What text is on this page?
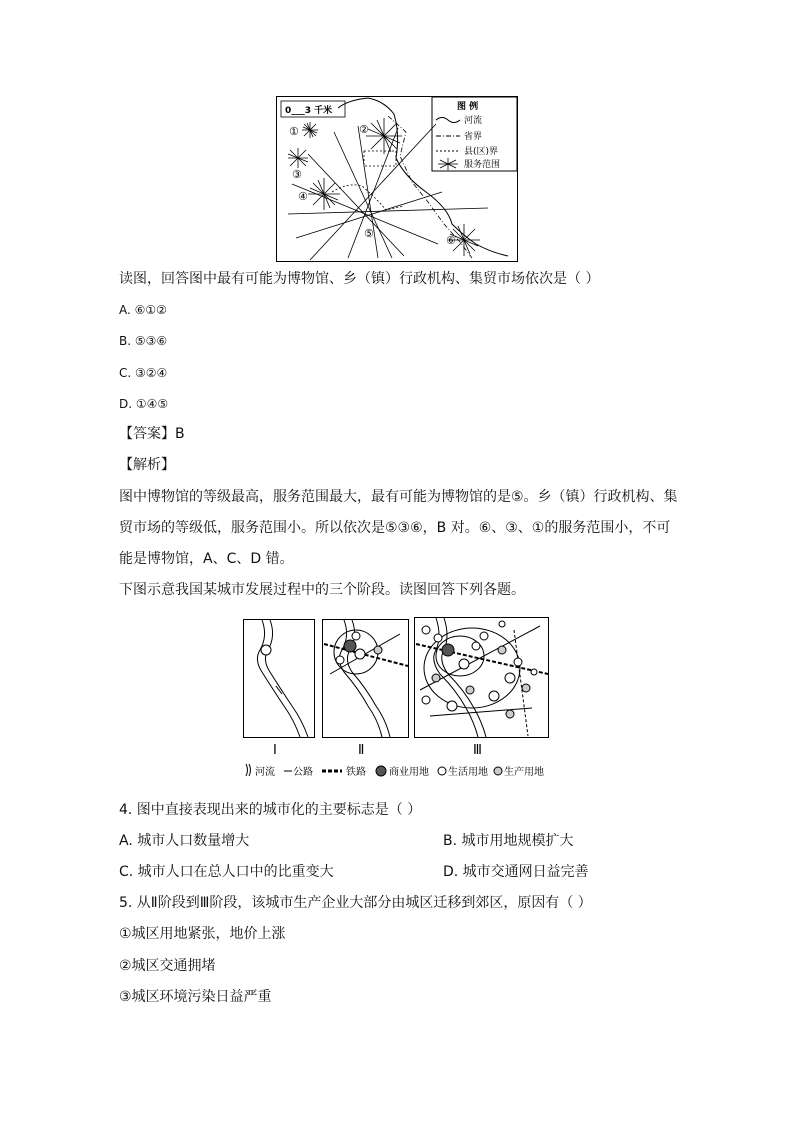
0___3 千米	图 例
河流
省界
县(区)界
服务范围
①	②
③
④
⑤
⑥
读图，回答图中最有可能为博物馆、乡（镇）行政机构、集贸市场依次是（ ）
A. ⑥①②
B. ⑤③⑥
C. ③②④
D. ①④⑤
【答案】B
【解析】
图中博物馆的等级最高，服务范围最大，最有可能为博物馆的是⑤。乡（镇）行政机构、集
贸市场的等级低，服务范围小。所以依次是⑤③⑥，B 对。⑥、③、①的服务范围小，不可
能是博物馆，A、C、D 错。
下图示意我国某城市发展过程中的三个阶段。读图回答下列各题。
Ⅰ	Ⅱ	Ⅲ
河流 公路	铁路 商业用地 生活用地 生产用地
4. 图中直接表现出来的城市化的主要标志是（ ）
A. 城市人口数量增大	B. 城市用地规模扩大
C. 城市人口在总人口中的比重变大	D. 城市交通网日益完善
5. 从Ⅱ阶段到Ⅲ阶段，该城市生产企业大部分由城区迁移到郊区，原因有（ ）
①城区用地紧张，地价上涨
②城区交通拥堵
③城区环境污染日益严重
